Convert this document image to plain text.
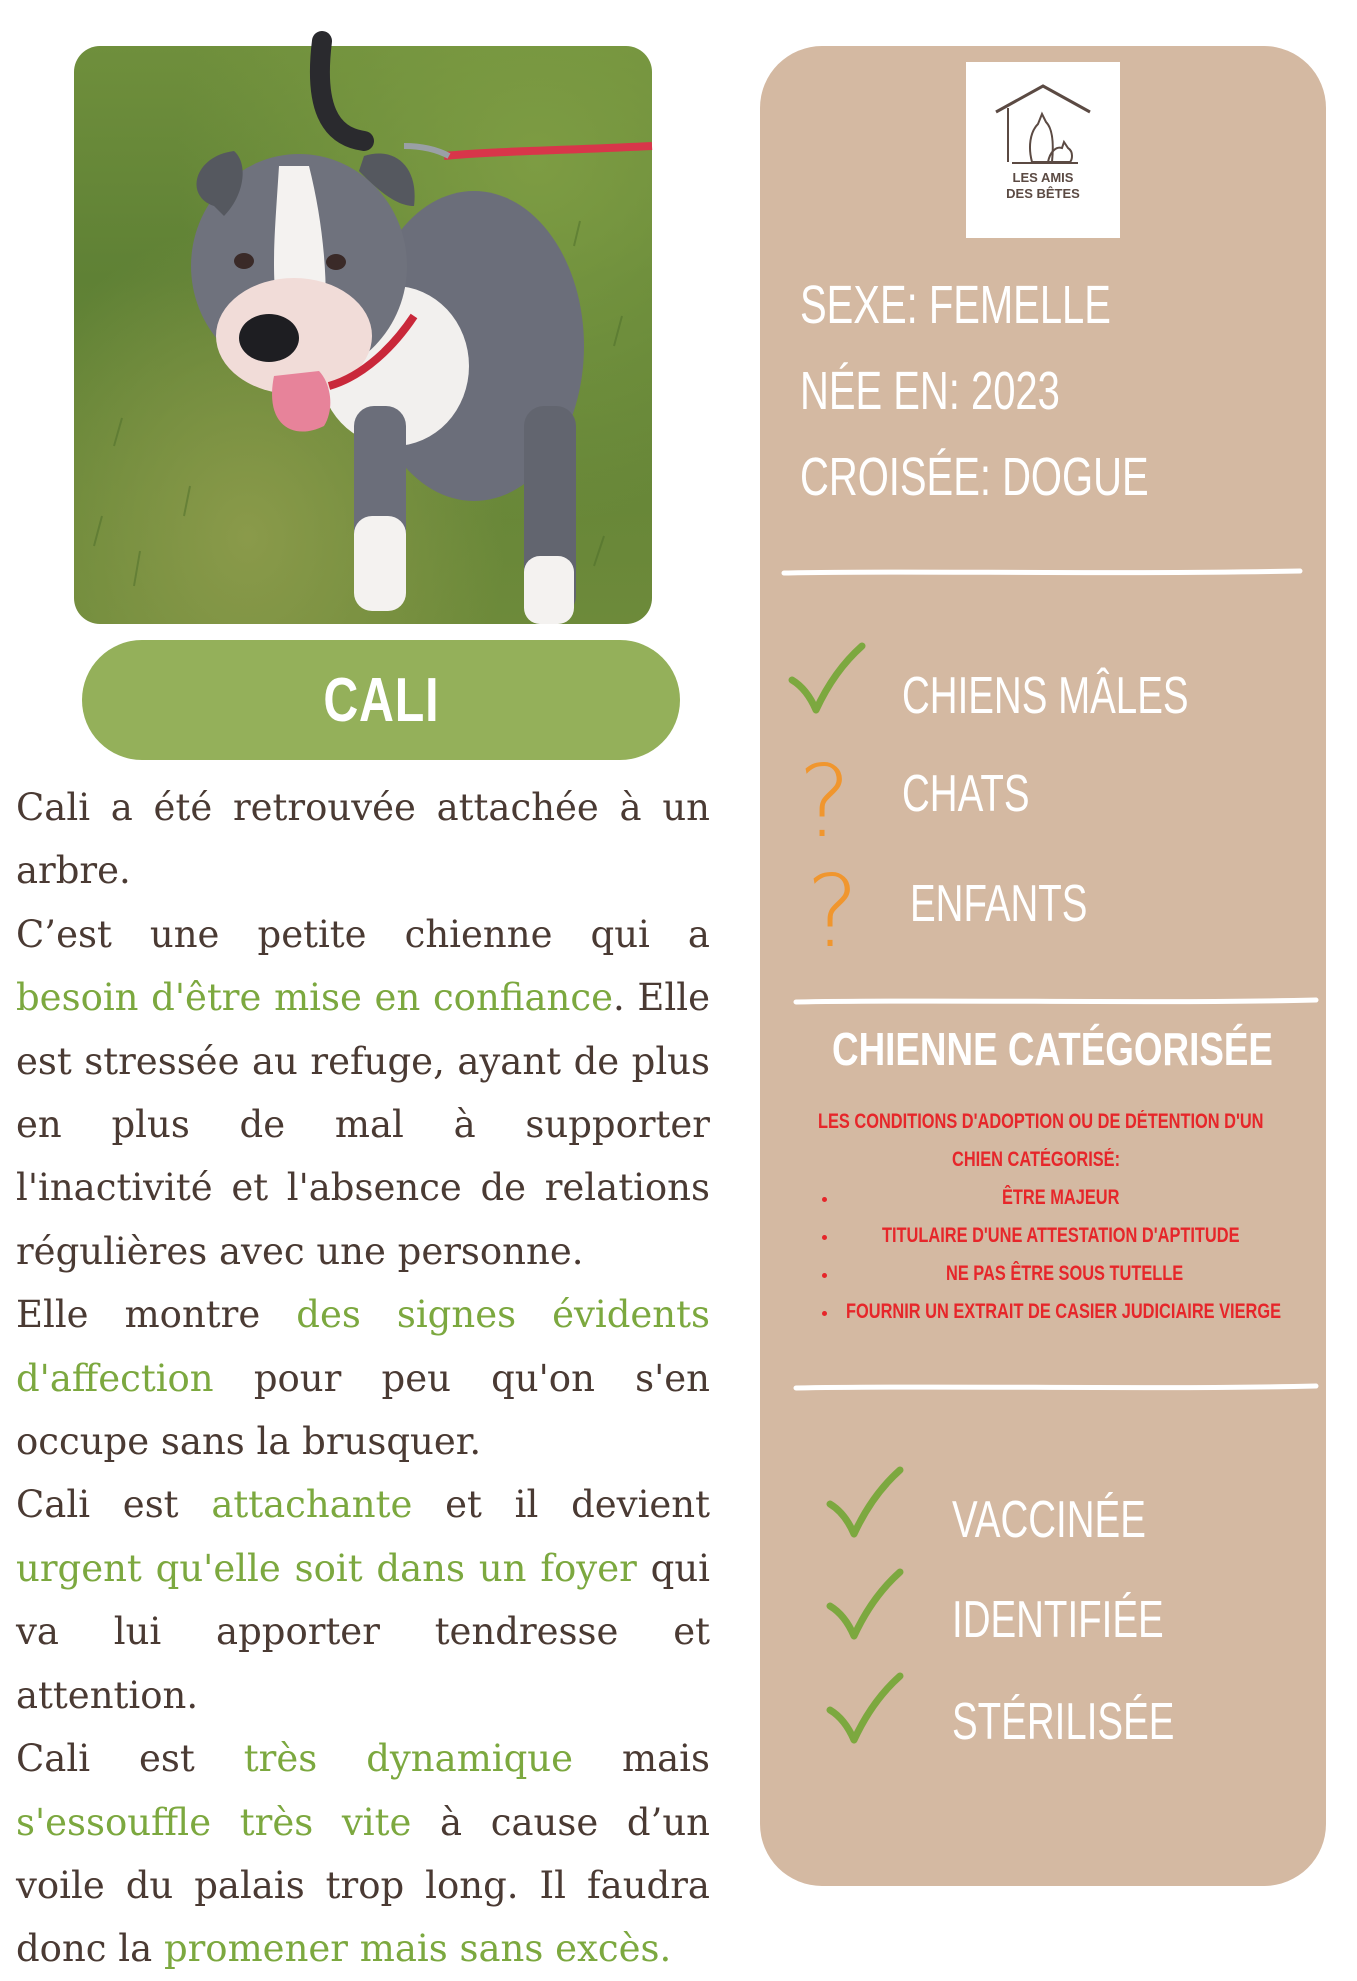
CALI

Cali a été retrouvée attachée à un arbre.

C’est une petite chienne qui a besoin d'être mise en confiance. Elle est stressée au refuge, ayant de plus en plus de mal à supporter l'inactivité et l'absence de relations régulières avec une personne.

Elle montre des signes évidents d'affection pour peu qu'on s'en occupe sans la brusquer.

Cali est attachante et il devient urgent qu'elle soit dans un foyer qui va lui apporter tendresse et attention.

Cali est très dynamique mais s'essouffle très vite à cause d’un voile du palais trop long. Il faudra donc la promener mais sans excès.

LES AMIS
DES BÊTES
SEXE: FEMELLE
NÉE EN: 2023
CROISÉE: DOGUE
CHIENS MÂLES
? CHATS
? ENFANTS
CHIENNE CATÉGORISÉE
LES CONDITIONS D'ADOPTION OU DE DÉTENTION D'UN
CHIEN CATÉGORISÉ:
ÊTRE MAJEUR
TITULAIRE D'UNE ATTESTATION D'APTITUDE
NE PAS ÊTRE SOUS TUTELLE
FOURNIR UN EXTRAIT DE CASIER JUDICIAIRE VIERGE
VACCINÉE
IDENTIFIÉE
STÉRILISÉE
